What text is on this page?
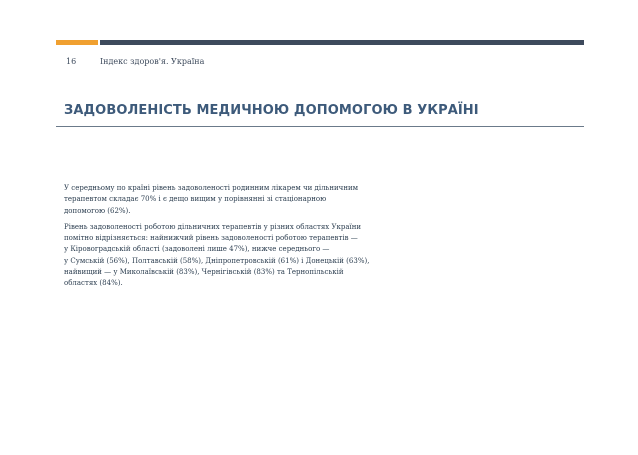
16	Індекс здоров'я. Україна
ЗАДОВОЛЕНІСТЬ МЕДИЧНОЮ ДОПОМОГОЮ В УКРАЇНІ

У середньому по країні рівень задоволеності родинним лікарем чи дільничним
терапевтом складає 70% і є дещо вищим у порівнянні зі стаціонарною
допомогою (62%).

Рівень задоволеності роботою дільничних терапевтів у різних областях України
помітно відрізняється: найнижчий рівень задоволеності роботою терапевтів —
у Кіровоградській області (задоволені лише 47%), нижче середнього —
у Сумській (56%), Полтавській (58%), Дніпропетровській (61%) і Донецькій (63%),
найвищий — у Миколаївській (83%), Чернігівській (83%) та Тернопільській
областях (84%).
